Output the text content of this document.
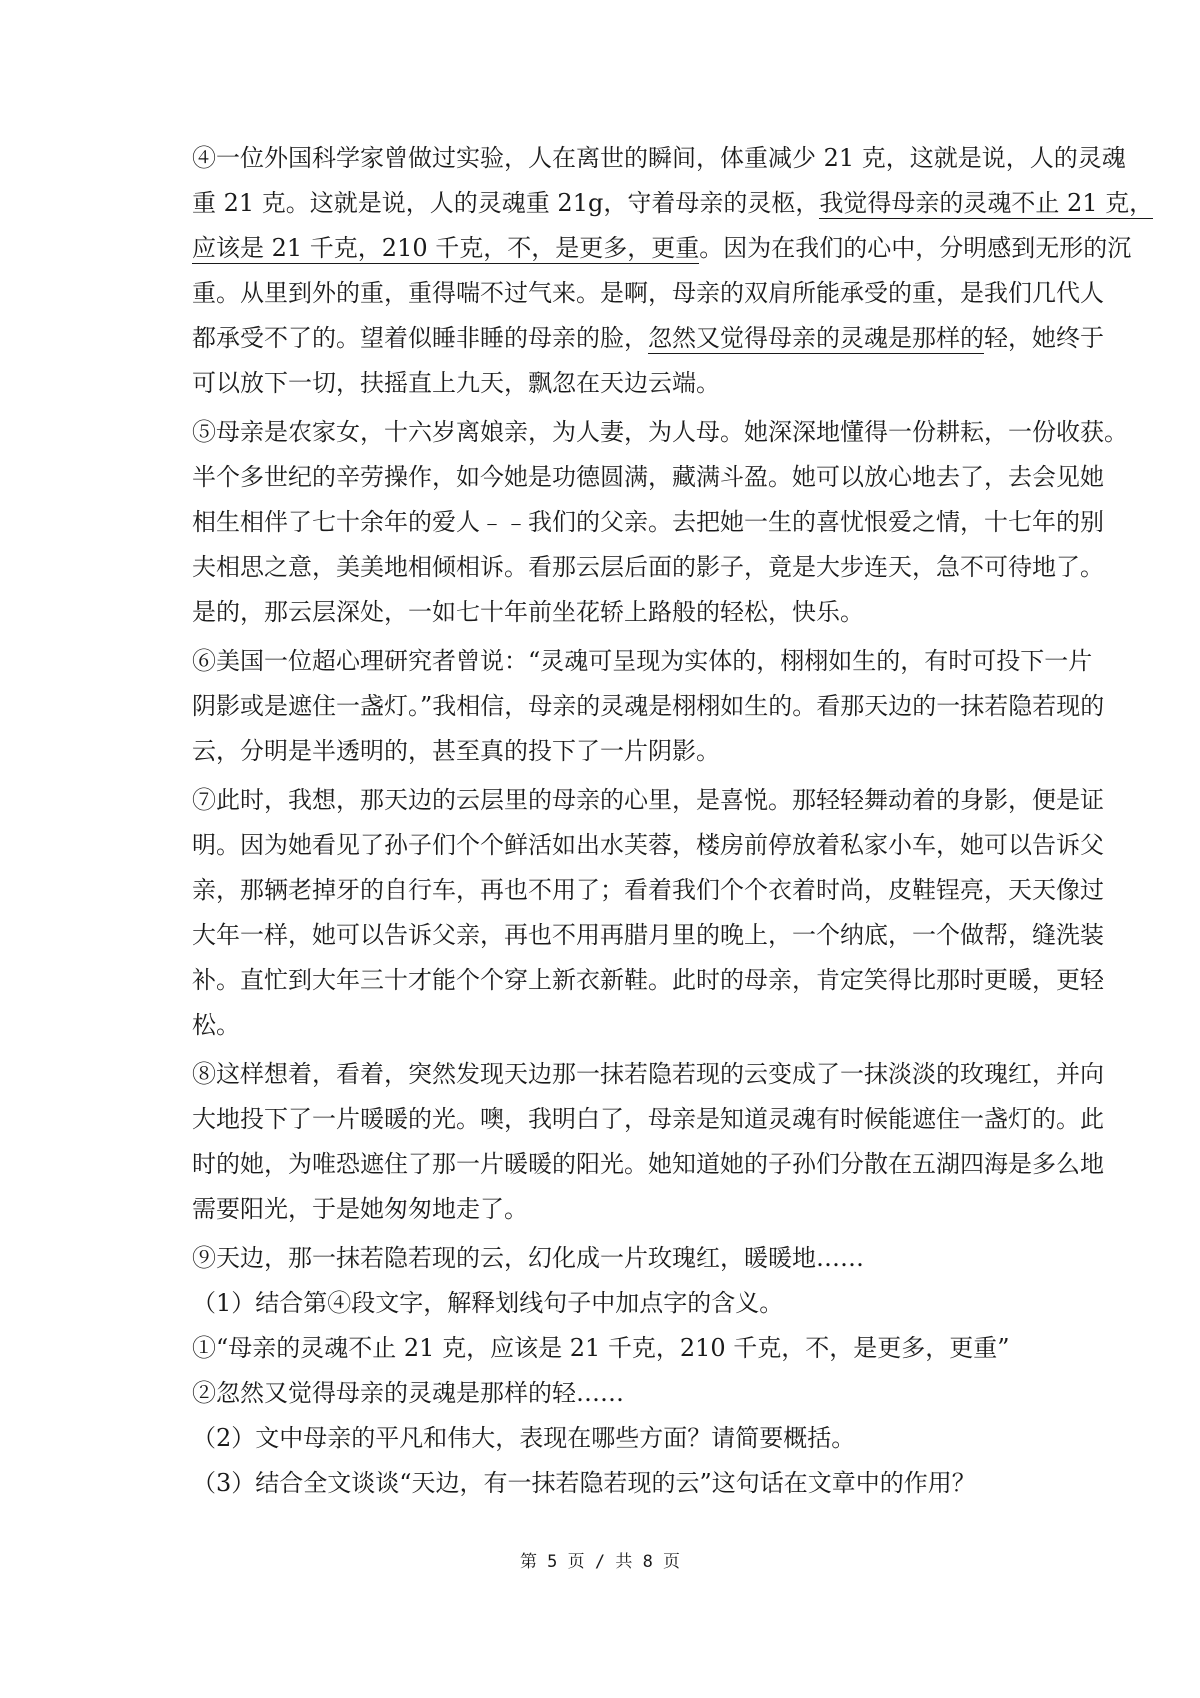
④一位外国科学家曾做过实验，人在离世的瞬间，体重减少 21 克，这就是说，人的灵魂
重 21 克。这就是说，人的灵魂重 21g，守着母亲的灵柩，我觉得母亲的灵魂不止 21 克，
应该是 21 千克，210 千克，不，是更多，更重。因为在我们的心中，分明感到无形的沉
重。从里到外的重，重得喘不过气来。是啊，母亲的双肩所能承受的重，是我们几代人
都承受不了的。望着似睡非睡的母亲的脸，忽然又觉得母亲的灵魂是那样的轻，她终于
可以放下一切，扶摇直上九天，飘忽在天边云端。
⑤母亲是农家女，十六岁离娘亲，为人妻，为人母。她深深地懂得一份耕耘，一份收获。
半个多世纪的辛劳操作，如今她是功德圆满，藏满斗盈。她可以放心地去了，去会见她
相生相伴了七十余年的爱人﹣﹣我们的父亲。去把她一生的喜忧恨爱之情，十七年的别
夫相思之意，美美地相倾相诉。看那云层后面的影子，竟是大步连天，急不可待地了。
是的，那云层深处，一如七十年前坐花轿上路般的轻松，快乐。
⑥美国一位超心理研究者曾说：“灵魂可呈现为实体的，栩栩如生的，有时可投下一片
阴影或是遮住一盏灯。”我相信，母亲的灵魂是栩栩如生的。看那天边的一抹若隐若现的
云，分明是半透明的，甚至真的投下了一片阴影。
⑦此时，我想，那天边的云层里的母亲的心里，是喜悦。那轻轻舞动着的身影，便是证
明。因为她看见了孙子们个个鲜活如出水芙蓉，楼房前停放着私家小车，她可以告诉父
亲，那辆老掉牙的自行车，再也不用了；看着我们个个衣着时尚，皮鞋锃亮，天天像过
大年一样，她可以告诉父亲，再也不用再腊月里的晚上，一个纳底，一个做帮，缝洗装
补。直忙到大年三十才能个个穿上新衣新鞋。此时的母亲，肯定笑得比那时更暖，更轻
松。
⑧这样想着，看着，突然发现天边那一抹若隐若现的云变成了一抹淡淡的玫瑰红，并向
大地投下了一片暖暖的光。噢，我明白了，母亲是知道灵魂有时候能遮住一盏灯的。此
时的她，为唯恐遮住了那一片暖暖的阳光。她知道她的子孙们分散在五湖四海是多么地
需要阳光，于是她匆匆地走了。
⑨天边，那一抹若隐若现的云，幻化成一片玫瑰红，暖暖地……
（1）结合第④段文字，解释划线句子中加点字的含义。
①“母亲的灵魂不止 21 克，应该是 21 千克，210 千克，不，是更多，更重”
②忽然又觉得母亲的灵魂是那样的轻……
（2）文中母亲的平凡和伟大，表现在哪些方面？请简要概括。
（3）结合全文谈谈“天边，有一抹若隐若现的云”这句话在文章中的作用？
第 5 页 / 共 8 页
